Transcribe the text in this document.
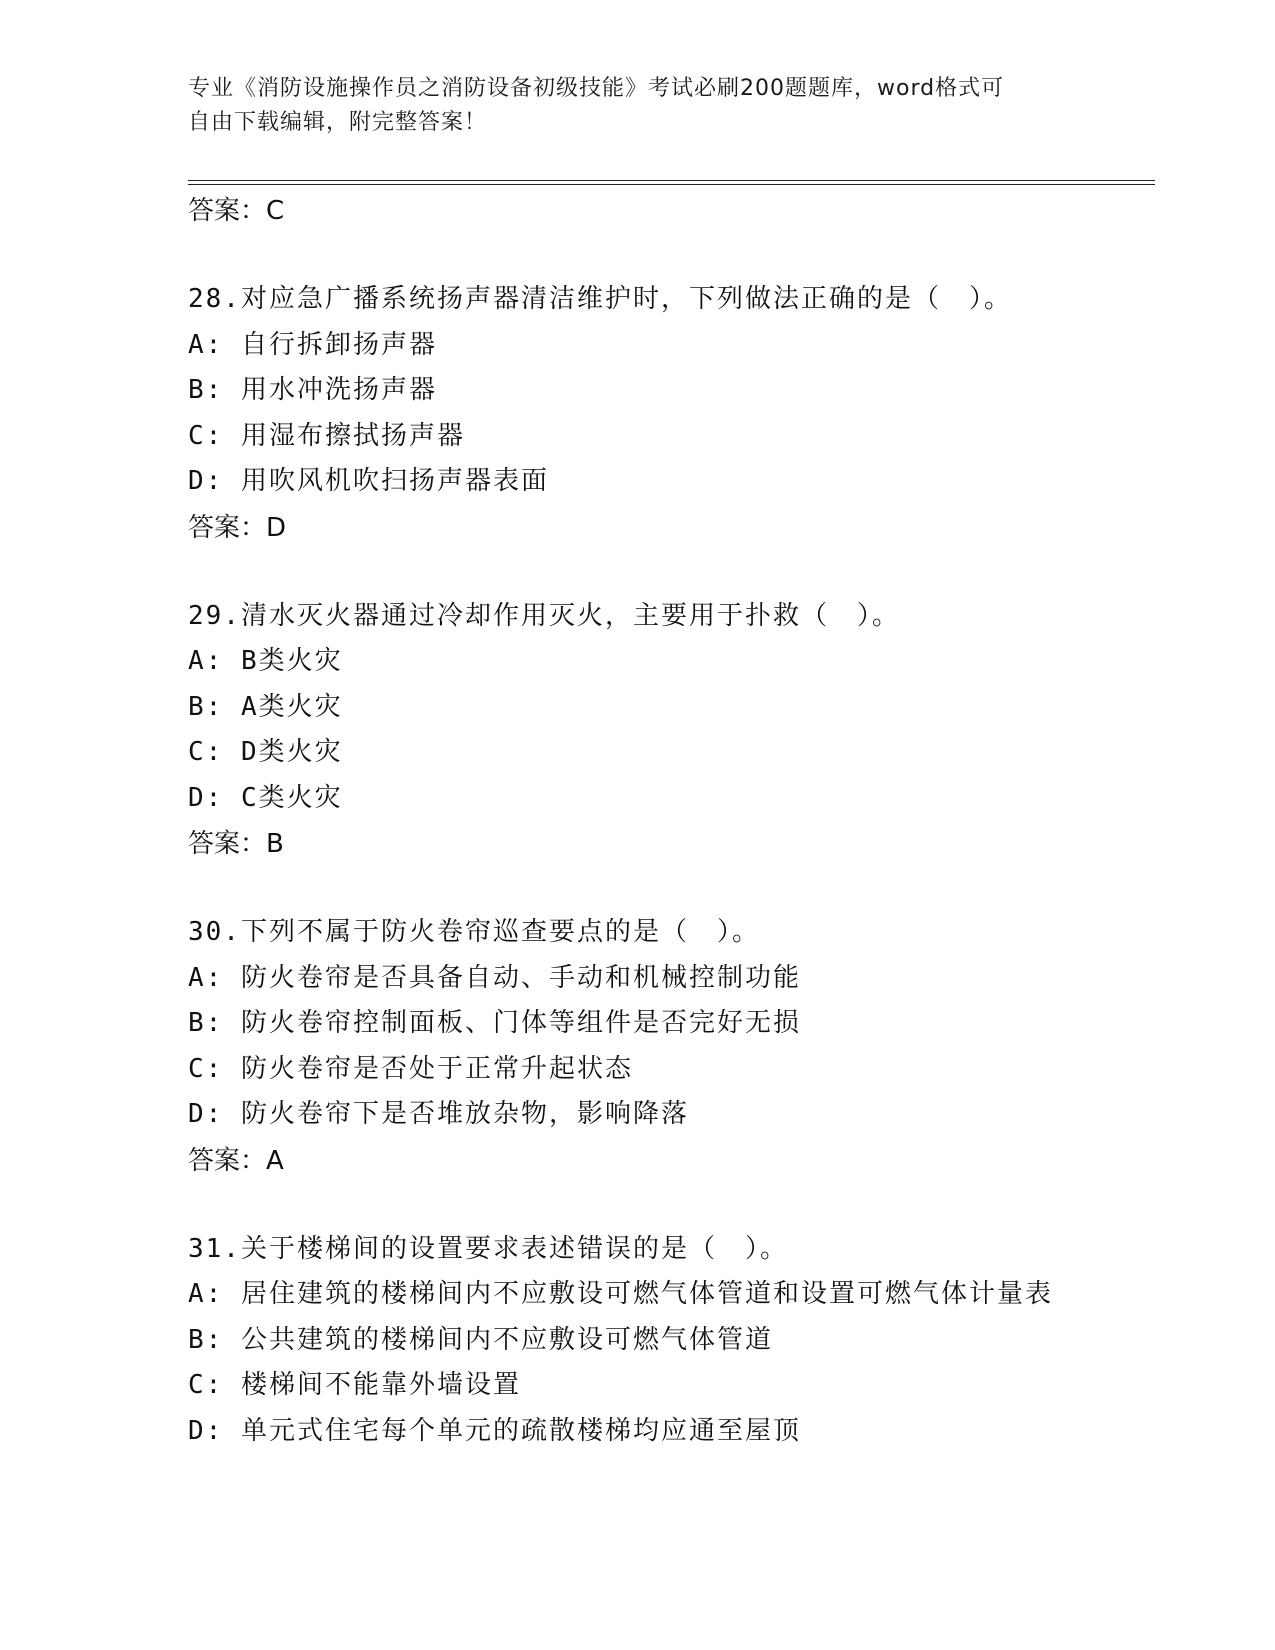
专业《消防设施操作员之消防设备初级技能》考试必刷200题题库，word格式可
自由下载编辑，附完整答案！
答案：C
28.对应急广播系统扬声器清洁维护时，下列做法正确的是（　）。
A: 自行拆卸扬声器
B: 用水冲洗扬声器
C: 用湿布擦拭扬声器
D: 用吹风机吹扫扬声器表面
答案：D
29.清水灭火器通过冷却作用灭火，主要用于扑救（　）。
A: B类火灾
B: A类火灾
C: D类火灾
D: C类火灾
答案：B
30.下列不属于防火卷帘巡查要点的是（　）。
A: 防火卷帘是否具备自动、手动和机械控制功能
B: 防火卷帘控制面板、门体等组件是否完好无损
C: 防火卷帘是否处于正常升起状态
D: 防火卷帘下是否堆放杂物，影响降落
答案：A
31.关于楼梯间的设置要求表述错误的是（　）。
A: 居住建筑的楼梯间内不应敷设可燃气体管道和设置可燃气体计量表
B: 公共建筑的楼梯间内不应敷设可燃气体管道
C: 楼梯间不能靠外墙设置
D: 单元式住宅每个单元的疏散楼梯均应通至屋顶
